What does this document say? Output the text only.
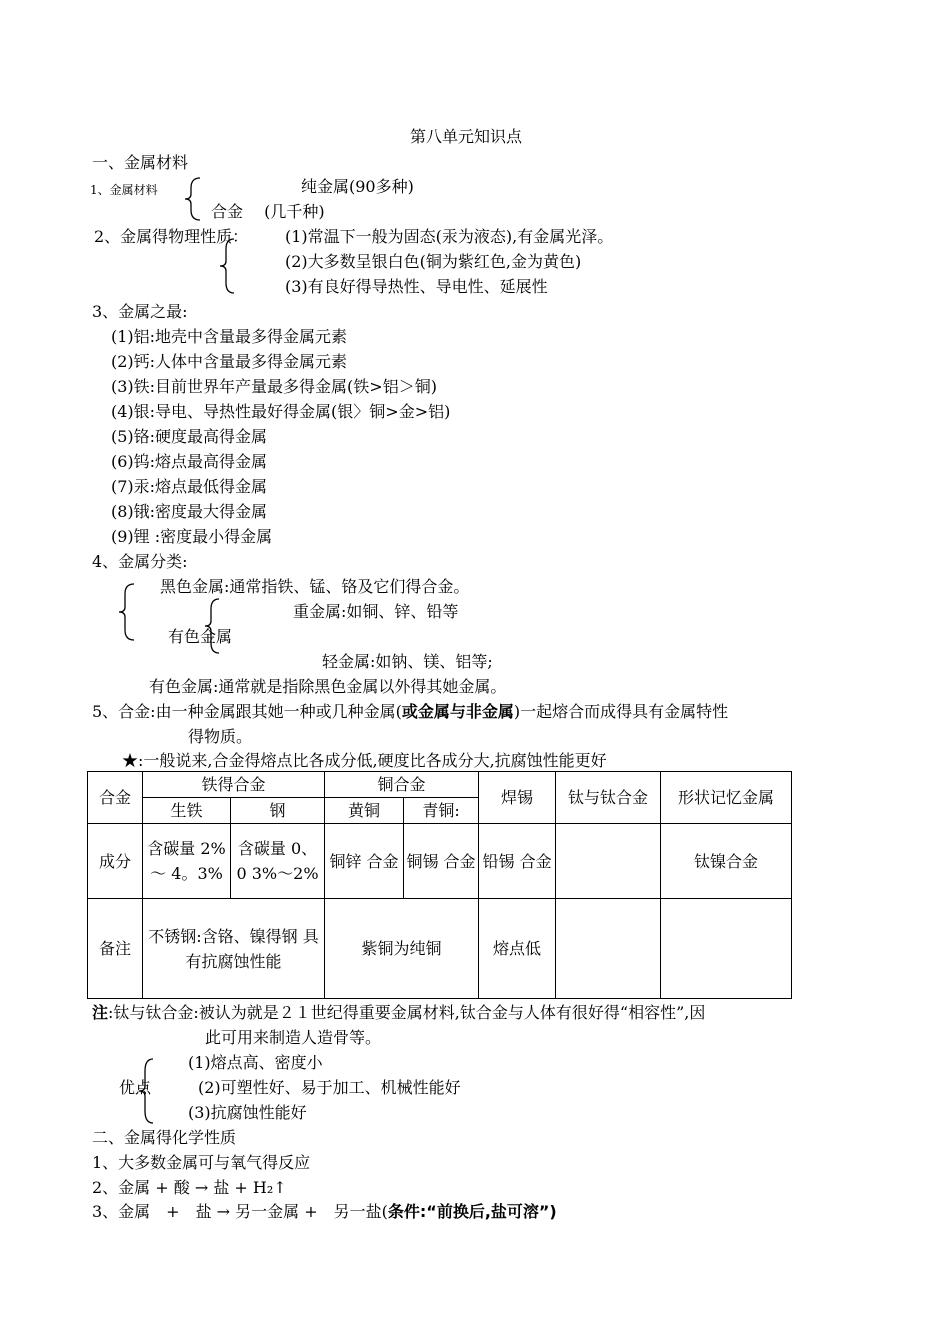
第八单元知识点
一、金属材料
1、金属材料	纯金属(90多种)
合金　 (几千种)
2、金属得物理性质： (1)常温下一般为固态(汞为液态),有金属光泽。
(2)大多数呈银白色(铜为紫红色,金为黄色)
(3)有良好得导热性、导电性、延展性
3、金属之最:
(1)铝:地壳中含量最多得金属元素
(2)钙:人体中含量最多得金属元素
(3)铁:目前世界年产量最多得金属(铁>铝＞铜)
(4)银:导电、导热性最好得金属(银〉铜>金>铝)
(5)铬:硬度最高得金属
(6)钨:熔点最高得金属
(7)汞:熔点最低得金属
(8)锇:密度最大得金属
(9)锂 :密度最小得金属
4、金属分类:
黑色金属:通常指铁、锰、铬及它们得合金。
重金属:如铜、锌、铅等
有色金属
轻金属:如钠、镁、铝等;
有色金属:通常就是指除黑色金属以外得其她金属。
5、合金:由一种金属跟其她一种或几种金属(或金属与非金属)一起熔合而成得具有金属特性
得物质。
★:一般说来,合金得熔点比各成分低,硬度比各成分大,抗腐蚀性能更好
合金	铁得合金		铜合金		焊锡	钛与钛合金	形状记忆金属
	生铁	钢	黄铜	青铜:			
成分	含碳量 2%～ 4。3%	含碳量 0、0 3%～2%	铜锌 合金	铜锡 合金	铅锡 合金		钛镍合金
备注	不锈钢:含铬、镍得钢 具有抗腐蚀性能		紫铜为纯铜		熔点低		
注:钛与钛合金:被认为就是２１世纪得重要金属材料,钛合金与人体有很好得“相容性”,因
此可用来制造人造骨等。
(1)熔点高、密度小
优点	(2)可塑性好、易于加工、机械性能好
(3)抗腐蚀性能好
二、金属得化学性质
1、大多数金属可与氧气得反应
2、金属 + 酸 → 盐 + H₂↑
3、金属　+　盐 → 另一金属 +　另一盐(条件:“前换后,盐可溶”)
